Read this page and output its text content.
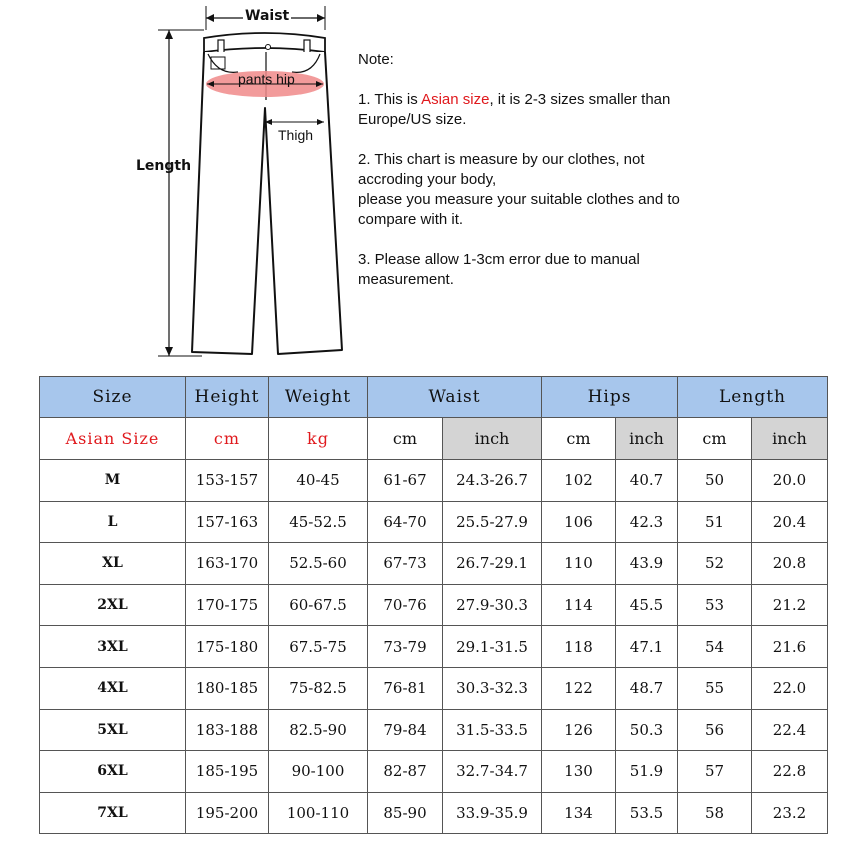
Waist
Length
pants hip
Thigh
Note:
1. This is Asian size, it is 2-3 sizes smaller than
Europe/US size.
2. This chart is measure by our clothes, not
accroding your body,
please you measure your suitable clothes and to
compare with it.
3. Please allow 1-3cm error due to manual
measurement.
Size	Height	Weight	Waist		Hips		Length	
Asian Size	cm	kg	cm	inch	cm	inch	cm	inch
M	153-157	40-45	61-67	24.3-26.7	102	40.7	50	20.0
L	157-163	45-52.5	64-70	25.5-27.9	106	42.3	51	20.4
XL	163-170	52.5-60	67-73	26.7-29.1	110	43.9	52	20.8
2XL	170-175	60-67.5	70-76	27.9-30.3	114	45.5	53	21.2
3XL	175-180	67.5-75	73-79	29.1-31.5	118	47.1	54	21.6
4XL	180-185	75-82.5	76-81	30.3-32.3	122	48.7	55	22.0
5XL	183-188	82.5-90	79-84	31.5-33.5	126	50.3	56	22.4
6XL	185-195	90-100	82-87	32.7-34.7	130	51.9	57	22.8
7XL	195-200	100-110	85-90	33.9-35.9	134	53.5	58	23.2
